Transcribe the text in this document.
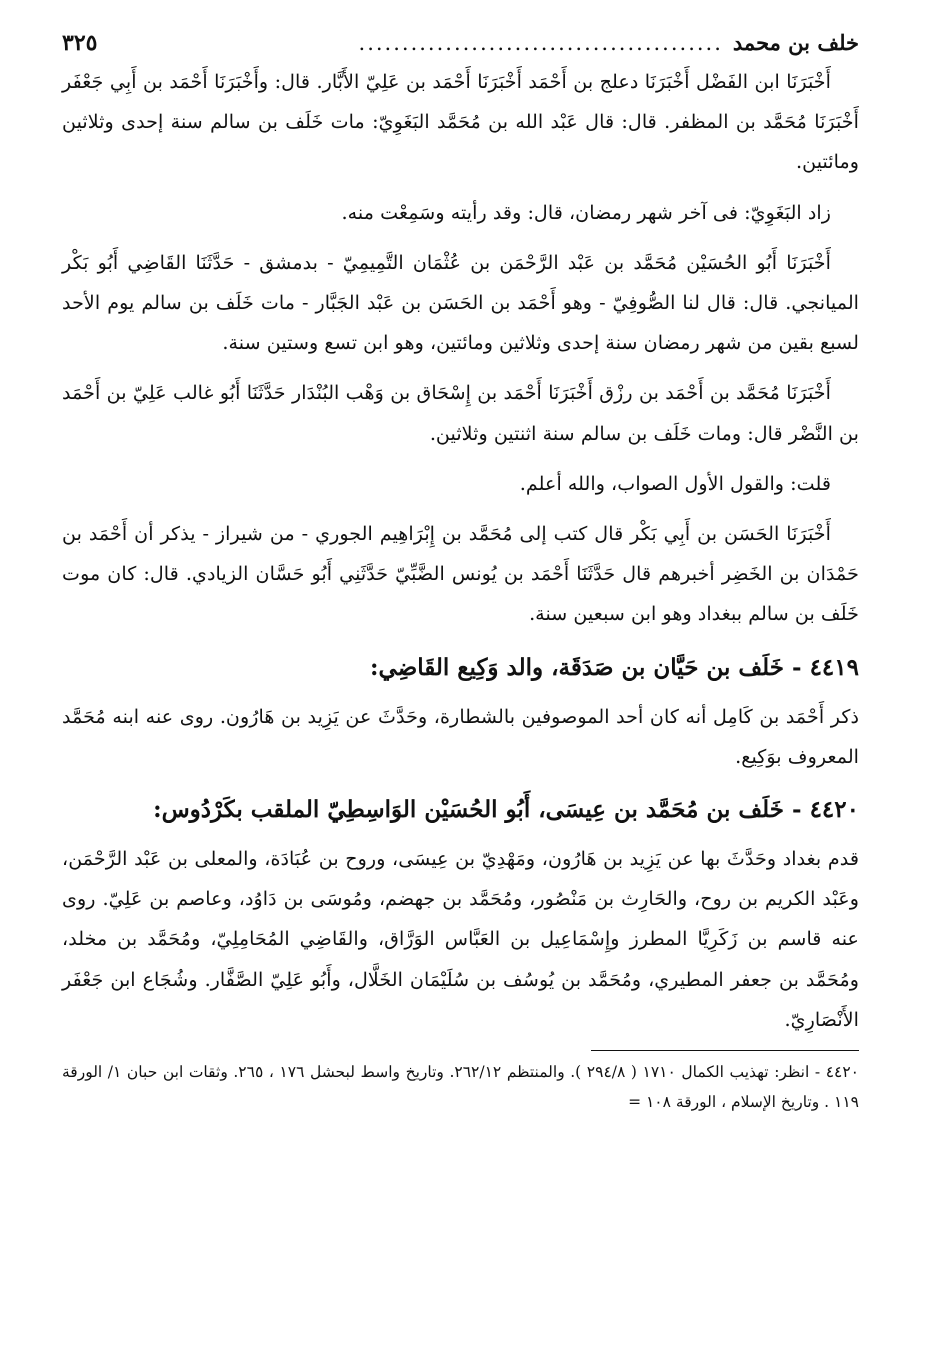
خلف بن محمد
..........................................
٣٢٥

أَخْبَرَنَا ابن الفَضْل أَخْبَرَنَا دعلج بن أَحْمَد أَخْبَرَنَا أَحْمَد بن عَلِيّ الأَبَّار. قال: وأَخْبَرَنَا أَحْمَد بن أَبِي جَعْفَر أَخْبَرَنَا مُحَمَّد بن المظفر. قال: قال عَبْد الله بن مُحَمَّد البَغَوِيّ: مات خَلَف بن سالم سنة إحدى وثلاثين ومائتين.

زاد البَغَوِيّ: فى آخر شهر رمضان، قال: وقد رأيته وسَمِعْت منه.

أَخْبَرَنَا أَبُو الحُسَيْن مُحَمَّد بن عَبْد الرَّحْمَن بن عُثْمَان التَّمِيمِيّ - بدمشق - حَدَّثَنَا القَاضِي أَبُو بَكْر الميانجي. قال: قال لنا الصُّوفِيّ - وهو أَحْمَد بن الحَسَن بن عَبْد الجَبَّار - مات خَلَف بن سالم يوم الأحد لسبع بقين من شهر رمضان سنة إحدى وثلاثين ومائتين، وهو ابن تسع وستين سنة.

أَخْبَرَنَا مُحَمَّد بن أَحْمَد بن رزْق أَخْبَرَنَا أَحْمَد بن إِسْحَاق بن وَهْب البُنْدَار حَدَّثَنَا أَبُو غالب عَلِيّ بن أَحْمَد بن النَّضْر قال: ومات خَلَف بن سالم سنة اثنتين وثلاثين.

قلت: والقول الأول الصواب، والله أعلم.

أَخْبَرَنَا الحَسَن بن أَبِي بَكْر قال كتب إلى مُحَمَّد بن إِبْرَاهِيم الجوري - من شيراز - يذكر أن أَحْمَد بن حَمْدَان بن الخَضِر أخبرهم قال حَدَّثَنَا أَحْمَد بن يُونس الضَّبِّيّ حَدَّثَنِي أَبُو حَسَّان الزيادي. قال: كان موت خَلَف بن سالم ببغداد وهو ابن سبعين سنة.

٤٤١٩ - خَلَف بن حَيَّان بن صَدَقَة، والد وَكِيع القَاضِي:

ذكر أَحْمَد بن كَامِل أنه كان أحد الموصوفين بالشطارة، وحَدَّثَ عن يَزِيد بن هَارُون. روى عنه ابنه مُحَمَّد المعروف بوَكِيع.

٤٤٢٠ - خَلَف بن مُحَمَّد بن عِيسَى، أَبُو الحُسَيْن الوَاسِطِيّ الملقب بكَرْدُوس:

قدم بغداد وحَدَّثَ بها عن يَزِيد بن هَارُون، ومَهْدِيّ بن عِيسَى، وروح بن عُبَادَة، والمعلى بن عَبْد الرَّحْمَن، وعَبْد الكريم بن روح، والحَارِث بن مَنْصُور، ومُحَمَّد بن جهضم، ومُوسَى بن دَاوُد، وعاصم بن عَلِيّ. روى عنه قاسم بن زَكَرِيَّا المطرز وإِسْمَاعِيل بن العَبَّاس الوَرَّاق، والقَاضِي المُحَامِلِيّ، ومُحَمَّد بن مخلد، ومُحَمَّد بن جعفر المطيري، ومُحَمَّد بن يُوسُف بن سُلَيْمَان الخَلَّال، وأَبُو عَلِيّ الصَّفَّار. وشُجَاع ابن جَعْفَر الأَنْصَارِيّ.

٤٤٢٠ - انظر: تهذيب الكمال ١٧١٠ ( ٢٩٤/٨ ). والمنتظم ٢٦٢/١٢. وتاريخ واسط لبحشل ١٧٦ ، ٢٦٥. وثقات ابن حبان ١/ الورقة ١١٩ . وتاريخ الإسلام ، الورقة ١٠٨ =
